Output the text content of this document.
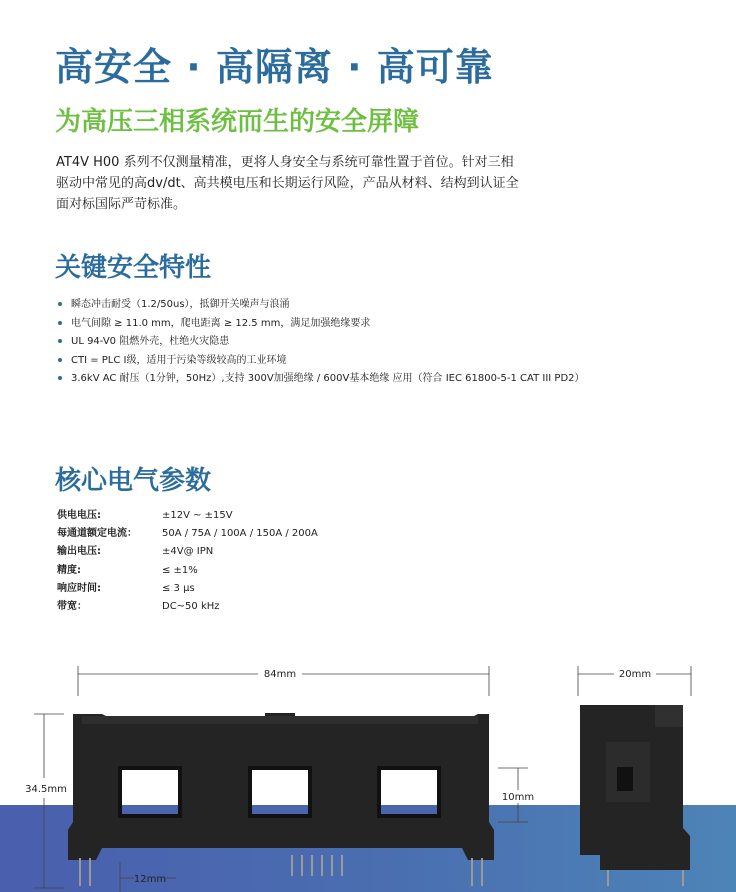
高安全 · 高隔离 · 高可靠
为高压三相系统而生的安全屏障

AT4V H00 系列不仅测量精准，更将人身安全与系统可靠性置于首位。针对三相驱动中常见的高dv/dt、高共模电压和长期运行风险，产品从材料、结构到认证全面对标国际严苛标准。

关键安全特性
瞬态冲击耐受（1.2/50us），抵御开关噪声与浪涌
电气间隙 ≥ 11.0 mm，爬电距离 ≥ 12.5 mm，满足加强绝缘要求
UL 94-V0 阻燃外壳，杜绝火灾隐患
CTI = PLC I级，适用于污染等级较高的工业环境
3.6kV AC 耐压（1分钟，50Hz）,支持 300V加强绝缘 / 600V基本绝缘 应用（符合 IEC 61800-5-1 CAT III PD2）
核心电气参数
供电电压:	±12V ~ ±15V
每通道额定电流：	50A / 75A / 100A / 150A / 200A
输出电压:	±4V@ IPN
精度:	≤ ±1%
响应时间:	≤ 3 μs
带宽：	DC~50 kHz
84mm	20mm
34.5mm
10mm
12mm
